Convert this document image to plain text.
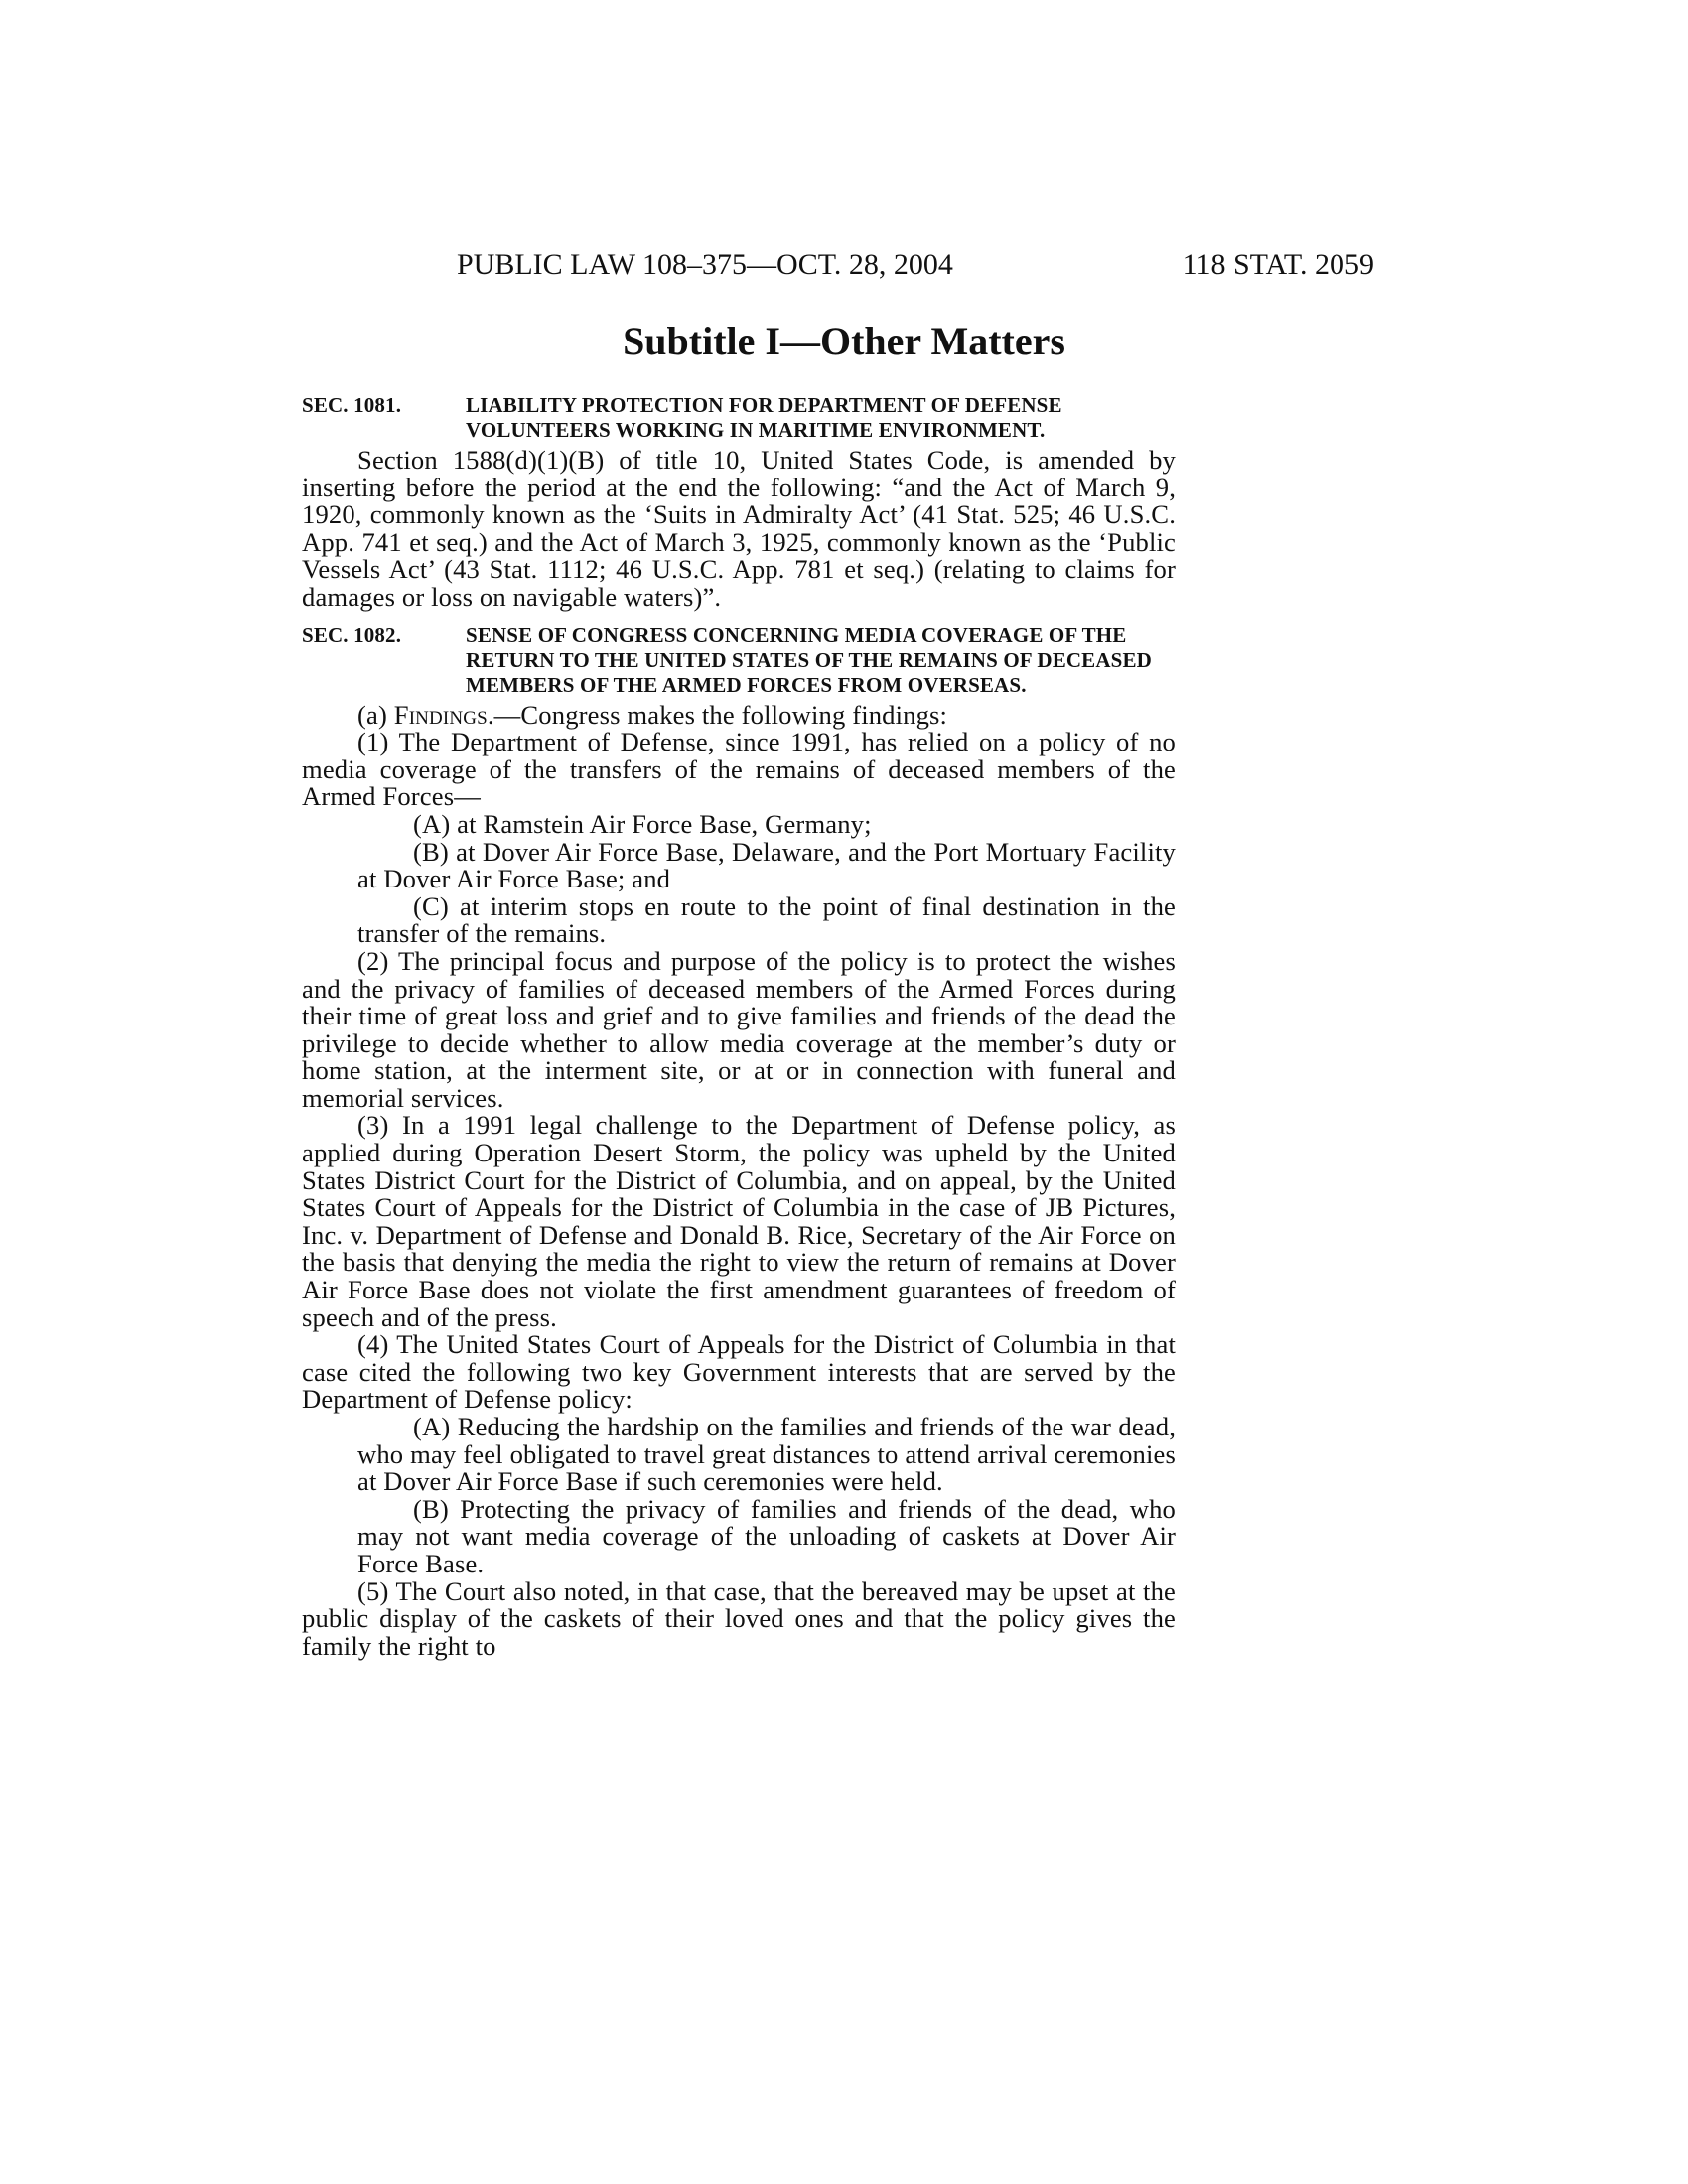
PUBLIC LAW 108–375—OCT. 28, 2004	118 STAT. 2059
Subtitle I—Other Matters

SEC. 1081.	LIABILITY PROTECTION FOR DEPARTMENT OF DEFENSE VOLUNTEERS WORKING IN MARITIME ENVIRONMENT.

Section 1588(d)(1)(B) of title 10, United States Code, is amended by inserting before the period at the end the following: “and the Act of March 9, 1920, commonly known as the ‘Suits in Admiralty Act’ (41 Stat. 525; 46 U.S.C. App. 741 et seq.) and the Act of March 3, 1925, commonly known as the ‘Public Vessels Act’ (43 Stat. 1112; 46 U.S.C. App. 781 et seq.) (relating to claims for damages or loss on navigable waters)”.

SEC. 1082.	SENSE OF CONGRESS CONCERNING MEDIA COVERAGE OF THE RETURN TO THE UNITED STATES OF THE REMAINS OF DECEASED MEMBERS OF THE ARMED FORCES FROM OVERSEAS.

(a) Findings.—Congress makes the following findings:

(1) The Department of Defense, since 1991, has relied on a policy of no media coverage of the transfers of the remains of deceased members of the Armed Forces—

(A) at Ramstein Air Force Base, Germany;

(B) at Dover Air Force Base, Delaware, and the Port Mortuary Facility at Dover Air Force Base; and

(C) at interim stops en route to the point of final destination in the transfer of the remains.

(2) The principal focus and purpose of the policy is to protect the wishes and the privacy of families of deceased members of the Armed Forces during their time of great loss and grief and to give families and friends of the dead the privilege to decide whether to allow media coverage at the member’s duty or home station, at the interment site, or at or in connection with funeral and memorial services.

(3) In a 1991 legal challenge to the Department of Defense policy, as applied during Operation Desert Storm, the policy was upheld by the United States District Court for the District of Columbia, and on appeal, by the United States Court of Appeals for the District of Columbia in the case of JB Pictures, Inc. v. Department of Defense and Donald B. Rice, Secretary of the Air Force on the basis that denying the media the right to view the return of remains at Dover Air Force Base does not violate the first amendment guarantees of freedom of speech and of the press.

(4) The United States Court of Appeals for the District of Columbia in that case cited the following two key Government interests that are served by the Department of Defense policy:

(A) Reducing the hardship on the families and friends of the war dead, who may feel obligated to travel great distances to attend arrival ceremonies at Dover Air Force Base if such ceremonies were held.

(B) Protecting the privacy of families and friends of the dead, who may not want media coverage of the unloading of caskets at Dover Air Force Base.

(5) The Court also noted, in that case, that the bereaved may be upset at the public display of the caskets of their loved ones and that the policy gives the family the right to
